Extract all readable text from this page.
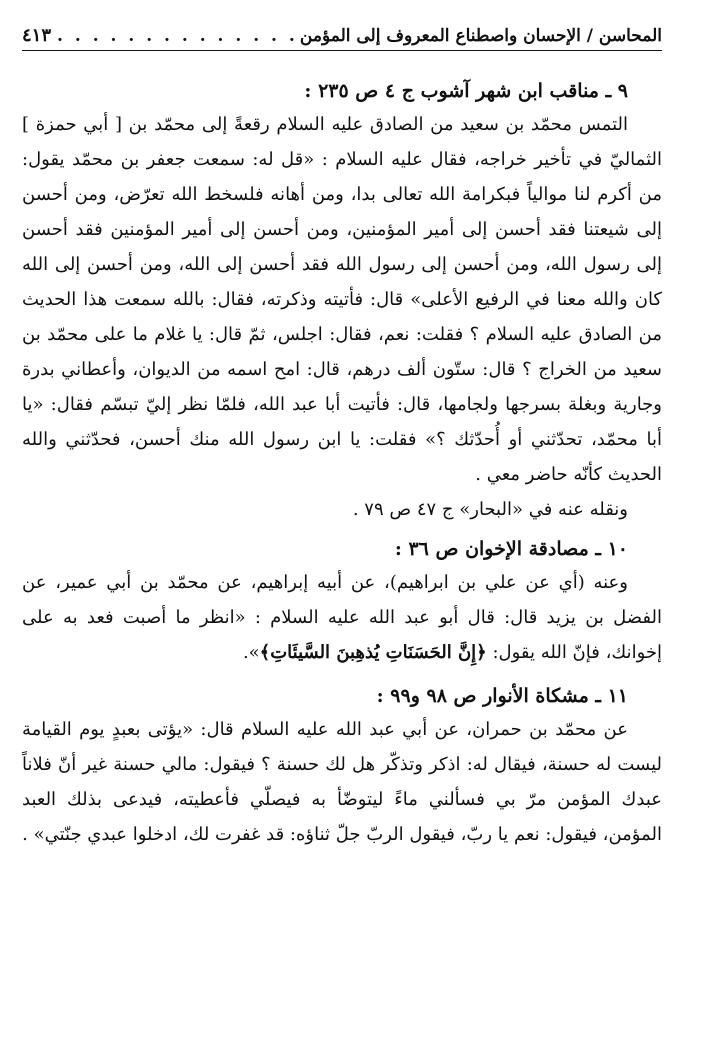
المحاسن / الإحسان واصطناع المعروف إلى المؤمن
. . .
٤١٣

٩ ـ مناقب ابن شهر آشوب ج ٤ ص ٢٣٥ :

التمس محمّد بن سعيد من الصادق عليه السلام رقعةً إلى محمّد بن [ أبي حمزة ] الثماليّ في تأخير خراجه، فقال عليه السلام : «قل له: سمعت جعفر بن محمّد يقول: من أكرم لنا موالياً فبكرامة الله تعالى بدا، ومن أهانه فلسخط الله تعرّض، ومن أحسن إلى شيعتنا فقد أحسن إلى أمير المؤمنين، ومن أحسن إلى أمير المؤمنين فقد أحسن إلى رسول الله، ومن أحسن إلى رسول الله فقد أحسن إلى الله، ومن أحسن إلى الله كان والله معنا في الرفيع الأعلى» قال: فأتيته وذكرته، فقال: بالله سمعت هذا الحديث من الصادق عليه السلام ؟ فقلت: نعم، فقال: اجلس، ثمّ قال: يا غلام ما على محمّد بن سعيد من الخراج ؟ قال: ستّون ألف درهم، قال: امح اسمه من الديوان، وأعطاني بدرة وجارية وبغلة بسرجها ولجامها، قال: فأتيت أبا عبد الله، فلمّا نظر إليّ تبسّم فقال: «يا أبا محمّد، تحدّثني أو أُحدّثك ؟» فقلت: يا ابن رسول الله منك أحسن، فحدّثني والله الحديث كأنّه حاضر معي .

ونقله عنه في «البحار» ج ٤٧ ص ٧٩ .

١٠ ـ مصادقة الإخوان ص ٣٦ :

وعنه (أي عن علي بن ابراهيم)، عن أبيه إبراهيم، عن محمّد بن أبي عمير، عن الفضل بن يزيد قال: قال أبو عبد الله عليه السلام : «انظر ما أصبت فعد به على إخوانك، فإنّ الله يقول: ﴿إِنَّ الحَسَنَاتِ يُذهِبنَ السَّيئَاتِ﴾».

١١ ـ مشكاة الأنوار ص ٩٨ و٩٩ :

عن محمّد بن حمران، عن أبي عبد الله عليه السلام قال: «يؤتى بعبدٍ يوم القيامة ليست له حسنة، فيقال له: اذكر وتذكّر هل لك حسنة ؟ فيقول: مالي حسنة غير أنّ فلاناً عبدك المؤمن مرّ بي فسألني ماءً ليتوضّأ به فيصلّي فأعطيته، فيدعى بذلك العبد المؤمن، فيقول: نعم يا ربّ، فيقول الربّ جلّ ثناؤه: قد غفرت لك، ادخلوا عبدي جنّتي» .
